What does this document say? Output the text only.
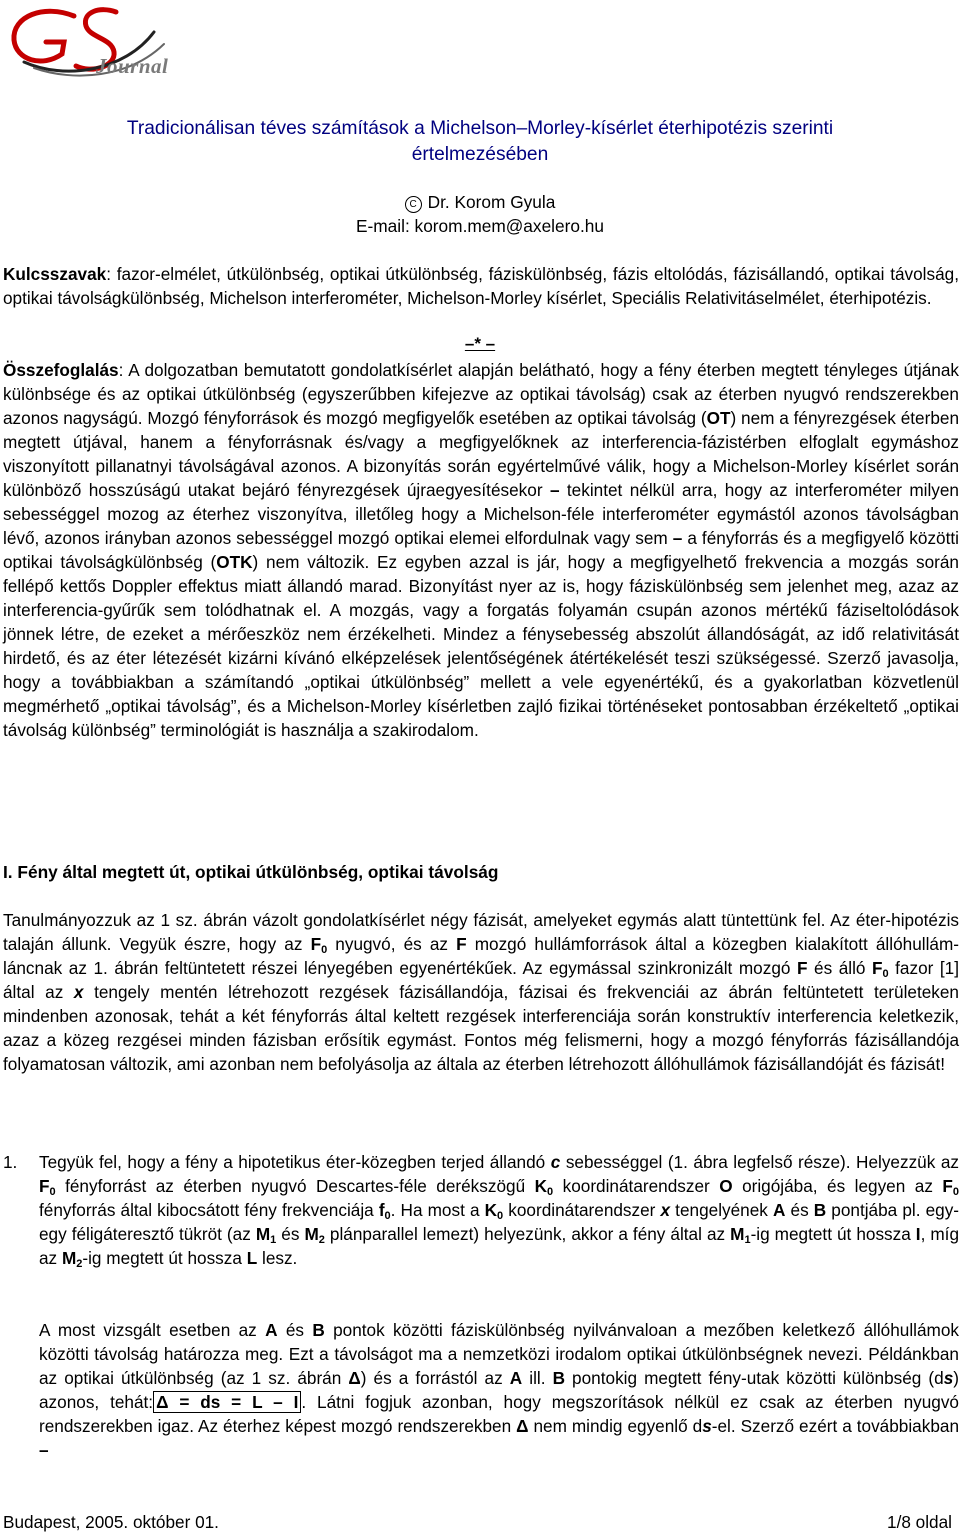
Journal
Tradicionálisan téves számítások a Michelson–Morley-kísérlet éterhipotézis szerinti
értelmezésében
C Dr. Korom Gyula
E-mail: korom.mem@axelero.hu
Kulcsszavak: fazor-elmélet, útkülönbség, optikai útkülönbség, fáziskülönbség, fázis eltolódás, fázisállandó, optikai távolság, optikai távolságkülönbség, Michelson interferométer, Michelson-Morley kísérlet, Speciális Relativitáselmélet, éterhipotézis.
–* –
Összefoglalás: A dolgozatban bemutatott gondolatkísérlet alapján belátható, hogy a fény éterben megtett tényleges útjának különbsége és az optikai útkülönbség (egyszerűbben kifejezve az optikai távolság) csak az éterben nyugvó rendszerekben azonos nagyságú. Mozgó fényforrások és mozgó megfigyelők esetében az optikai távolság (OT) nem a fényrezgések éterben megtett útjával, hanem a fényforrásnak és/vagy a megfigyelőknek az interferencia-fázistérben elfoglalt egymáshoz viszonyított pillanatnyi távolságával azonos. A bizonyítás során egyértelművé válik, hogy a Michelson-Morley kísérlet során különböző hosszúságú utakat bejáró fényrezgések újraegyesítésekor – tekintet nélkül arra, hogy az interferométer milyen sebességgel mozog az éterhez viszonyítva, illetőleg hogy a Michelson-féle interferométer egymástól azonos távolságban lévő, azonos irányban azonos sebességgel mozgó optikai elemei elfordulnak vagy sem – a fényforrás és a megfigyelő közötti optikai távolságkülönbség (OTK) nem változik. Ez egyben azzal is jár, hogy a megfigyelhető frekvencia a mozgás során fellépő kettős Doppler effektus miatt állandó marad. Bizonyítást nyer az is, hogy fáziskülönbség sem jelenhet meg, azaz az interferencia-gyűrűk sem tolódhatnak el. A mozgás, vagy a forgatás folyamán csupán azonos mértékű fáziseltolódások jönnek létre, de ezeket a mérőeszköz nem érzékelheti. Mindez a fénysebesség abszolút állandóságát, az idő relativitását hirdető, és az éter létezését kizárni kívánó elképzelések jelentőségének átértékelését teszi szükségessé. Szerző javasolja, hogy a továbbiakban a számítandó „optikai útkülönbség” mellett a vele egyenértékű, és a gyakorlatban közvetlenül megmérhető „optikai távolság”, és a Michelson-Morley kísérletben zajló fizikai történéseket pontosabban érzékeltető „optikai távolság különbség” terminológiát is használja a szakirodalom.
I. Fény által megtett út, optikai útkülönbség, optikai távolság
Tanulmányozzuk az 1 sz. ábrán vázolt gondolatkísérlet négy fázisát, amelyeket egymás alatt tüntettünk fel. Az éter-hipotézis talaján állunk. Vegyük észre, hogy az $F_0$ nyugvó, és az F mozgó hullámforrások által a közegben kialakított állóhullám-láncnak az 1. ábrán feltüntetett részei lényegében egyenértékűek. Az egymással szinkronizált mozgó F és álló $F_0$ fazor [1] által az x tengely mentén létrehozott rezgések fázisállandója, fázisai és frekvenciái az ábrán feltüntetett területeken mindenben azonosak, tehát a két fényforrás által keltett rezgések interferenciája során konstruktív interferencia keletkezik, azaz a közeg rezgései minden fázisban erősítik egymást. Fontos még felismerni, hogy a mozgó fényforrás fázisállandója folyamatosan változik, ami azonban nem befolyásolja az általa az éterben létrehozott állóhullámok fázisállandóját és fázisát!
1. Tegyük fel, hogy a fény a hipotetikus éter-közegben terjed állandó c sebességgel (1. ábra legfelső része). Helyezzük az $F_0$ fényforrást az éterben nyugvó Descartes-féle derékszögű $K_0$ koordinátarendszer O origójába, és legyen az $F_0$ fényforrás által kibocsátott fény frekvenciája $f_0$. Ha most a $K_0$ koordinátarendszer x tengelyének A és B pontjába pl. egy-egy féligáteresztő tükröt (az $M_1$ és $M_2$ plánparallel lemezt) helyezünk, akkor a fény által az $M_1-ig$ megtett út hossza I, míg az $M_2-ig$ megtett út hossza L lesz.
A most vizsgált esetben az A és B pontok közötti fáziskülönbség nyilvánvaloan a mezőben keletkező állóhullámok közötti távolság határozza meg. Ezt a távolságot ma a nemzetközi irodalom optikai útkülönbségnek nevezi. Példánkban az optikai útkülönbség (az 1 sz. ábrán Δ) és a forrástól az A ill. B pontokig megtett fény-utak közötti különbség (ds) azonos, tehát: Δ = ds = L – I . Látni fogjuk azonban, hogy megszorítások nélkül ez csak az éterben nyugvó rendszerekben igaz. Az éterhez képest mozgó rendszerekben Δ nem mindig egyenlő ds-el. Szerző ezért a továbbiakban –
Budapest, 2005. október 01.	1/8 oldal
